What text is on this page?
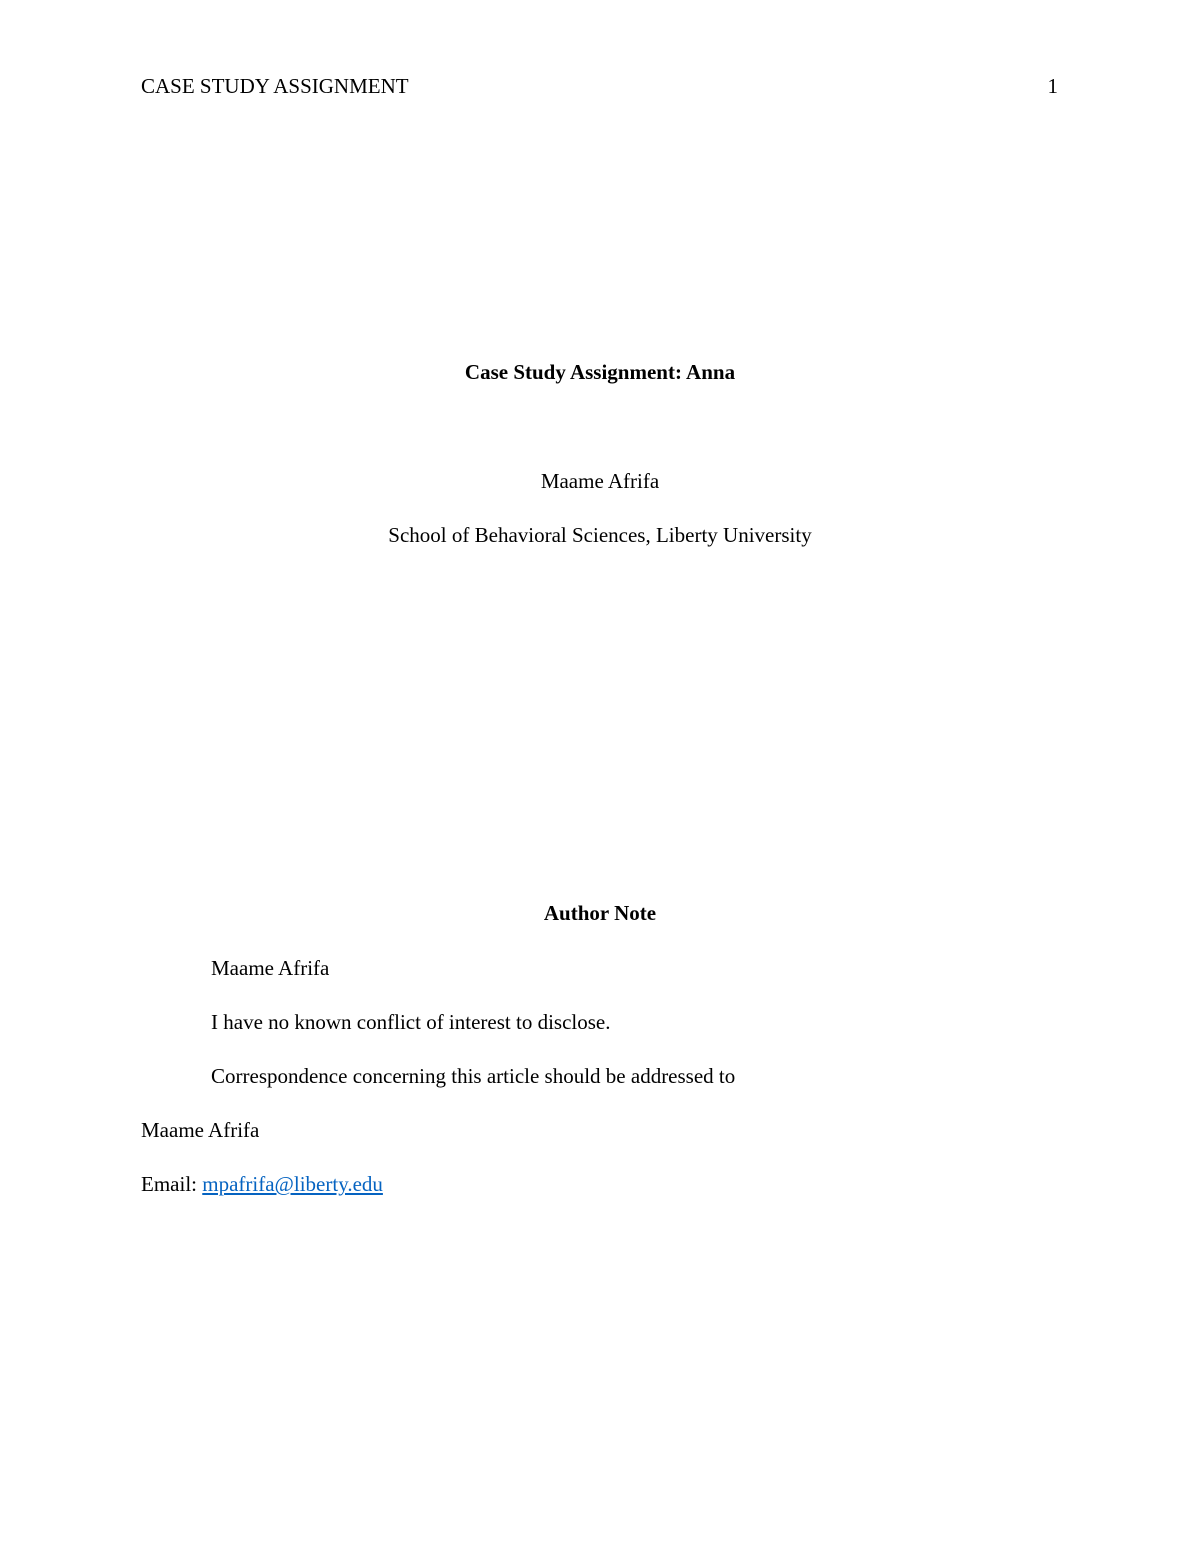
CASE STUDY ASSIGNMENT	1
Case Study Assignment: Anna
Maame Afrifa
School of Behavioral Sciences, Liberty University
Author Note
Maame Afrifa
I have no known conflict of interest to disclose.
Correspondence concerning this article should be addressed to
Maame Afrifa
Email: mpafrifa@liberty.edu
